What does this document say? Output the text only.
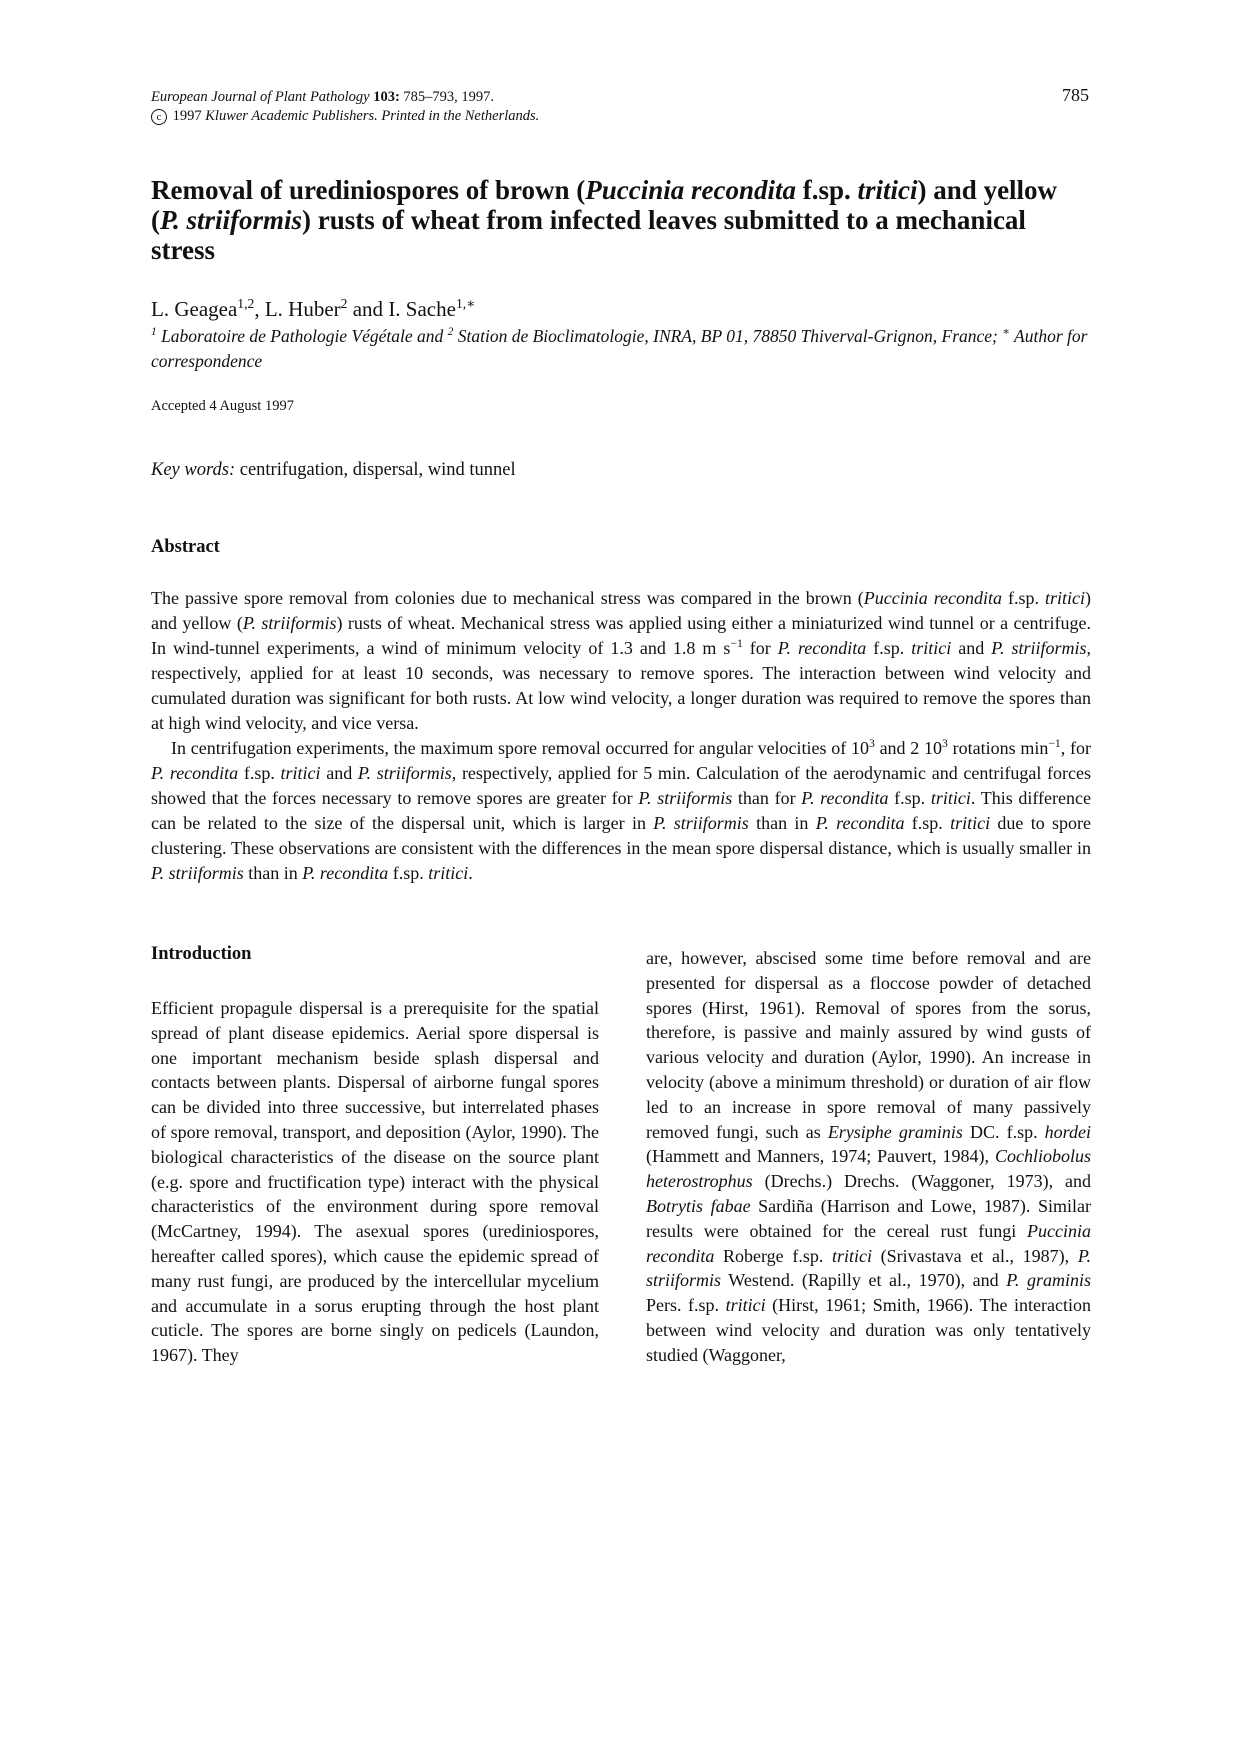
European Journal of Plant Pathology 103: 785–793, 1997.
c 1997 Kluwer Academic Publishers. Printed in the Netherlands.
785
Removal of urediniospores of brown (Puccinia recondita f.sp. tritici) and yellow (P. striiformis) rusts of wheat from infected leaves submitted to a mechanical stress
L. Geagea$^{1,2}$, L. Huber$^2$ and I. Sache$^{1,∗}$
$^1$ Laboratoire de Pathologie Végétale and $^2$ Station de Bioclimatologie, INRA, BP 01, 78850 Thiverval-Grignon, France; ∗ Author for correspondence
Accepted 4 August 1997
Key words: centrifugation, dispersal, wind tunnel
Abstract

The passive spore removal from colonies due to mechanical stress was compared in the brown (Puccinia recondita f.sp. tritici) and yellow (P. striiformis) rusts of wheat. Mechanical stress was applied using either a miniaturized wind tunnel or a centrifuge. In wind-tunnel experiments, a wind of minimum velocity of 1.3 and 1.8 m $s^{-1}$ for P. recondita f.sp. tritici and P. striiformis, respectively, applied for at least 10 seconds, was necessary to remove spores. The interaction between wind velocity and cumulated duration was significant for both rusts. At low wind velocity, a longer duration was required to remove the spores than at high wind velocity, and vice versa.

In centrifugation experiments, the maximum spore removal occurred for angular velocities of $10^3$ and 2 $10^3$ rotations $\min^{-1}$, for P. recondita f.sp. tritici and P. striiformis, respectively, applied for 5 min. Calculation of the aerodynamic and centrifugal forces showed that the forces necessary to remove spores are greater for P. striiformis than for P. recondita f.sp. tritici. This difference can be related to the size of the dispersal unit, which is larger in P. striiformis than in P. recondita f.sp. tritici due to spore clustering. These observations are consistent with the differences in the mean spore dispersal distance, which is usually smaller in P. striiformis than in P. recondita f.sp. tritici.

Introduction

Efficient propagule dispersal is a prerequisite for the spatial spread of plant disease epidemics. Aerial spore dispersal is one important mechanism beside splash dispersal and contacts between plants. Dispersal of airborne fungal spores can be divided into three successive, but interrelated phases of spore removal, transport, and deposition (Aylor, 1990). The biological characteristics of the disease on the source plant (e.g. spore and fructification type) interact with the physical characteristics of the environment during spore removal (McCartney, 1994). The asexual spores (urediniospores, hereafter called spores), which cause the epidemic spread of many rust fungi, are produced by the intercellular mycelium and accumulate in a sorus erupting through the host plant cuticle. The spores are borne singly on pedicels (Laundon, 1967). They

are, however, abscised some time before removal and are presented for dispersal as a floccose powder of detached spores (Hirst, 1961). Removal of spores from the sorus, therefore, is passive and mainly assured by wind gusts of various velocity and duration (Aylor, 1990). An increase in velocity (above a minimum threshold) or duration of air flow led to an increase in spore removal of many passively removed fungi, such as Erysiphe graminis DC. f.sp. hordei (Hammett and Manners, 1974; Pauvert, 1984), Cochliobolus heterostrophus (Drechs.) Drechs. (Waggoner, 1973), and Botrytis fabae Sardiña (Harrison and Lowe, 1987). Similar results were obtained for the cereal rust fungi Puccinia recondita Roberge f.sp. tritici (Srivastava et al., 1987), P. striiformis Westend. (Rapilly et al., 1970), and P. graminis Pers. f.sp. tritici (Hirst, 1961; Smith, 1966). The interaction between wind velocity and duration was only tentatively studied (Waggoner,
